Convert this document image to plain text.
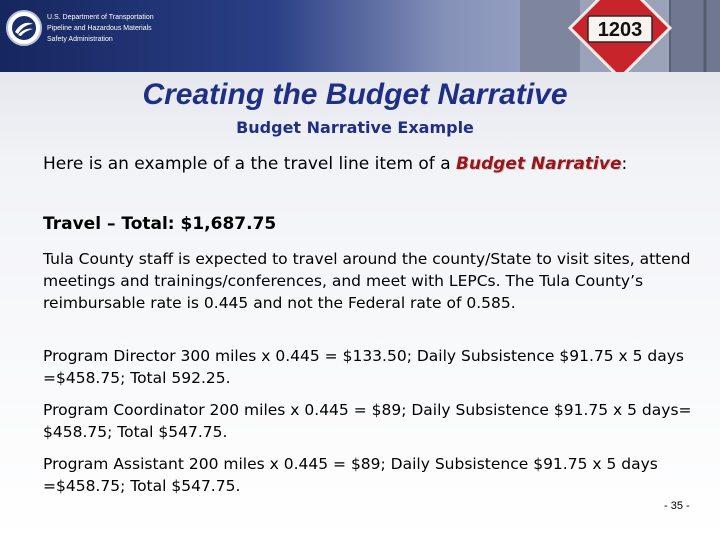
U.S. Department of Transportation
Pipeline and Hazardous Materials
Safety Administration	1203
Creating the Budget Narrative
Budget Narrative Example
Here is an example of a the travel line item of a Budget Narrative:
Travel – Total: $1,687.75
Tula County staff is expected to travel around the county/State to visit sites, attend meetings and trainings/conferences, and meet with LEPCs. The Tula County’s reimbursable rate is 0.445 and not the Federal rate of 0.585.
Program Director 300 miles x 0.445 = $133.50; Daily Subsistence $91.75 x 5 days =$458.75; Total 592.25.
Program Coordinator 200 miles x 0.445 = $89; Daily Subsistence $91.75 x 5 days= $458.75; Total $547.75.
Program Assistant 200 miles x 0.445 = $89; Daily Subsistence $91.75 x 5 days =$458.75; Total $547.75.
- 35 -
